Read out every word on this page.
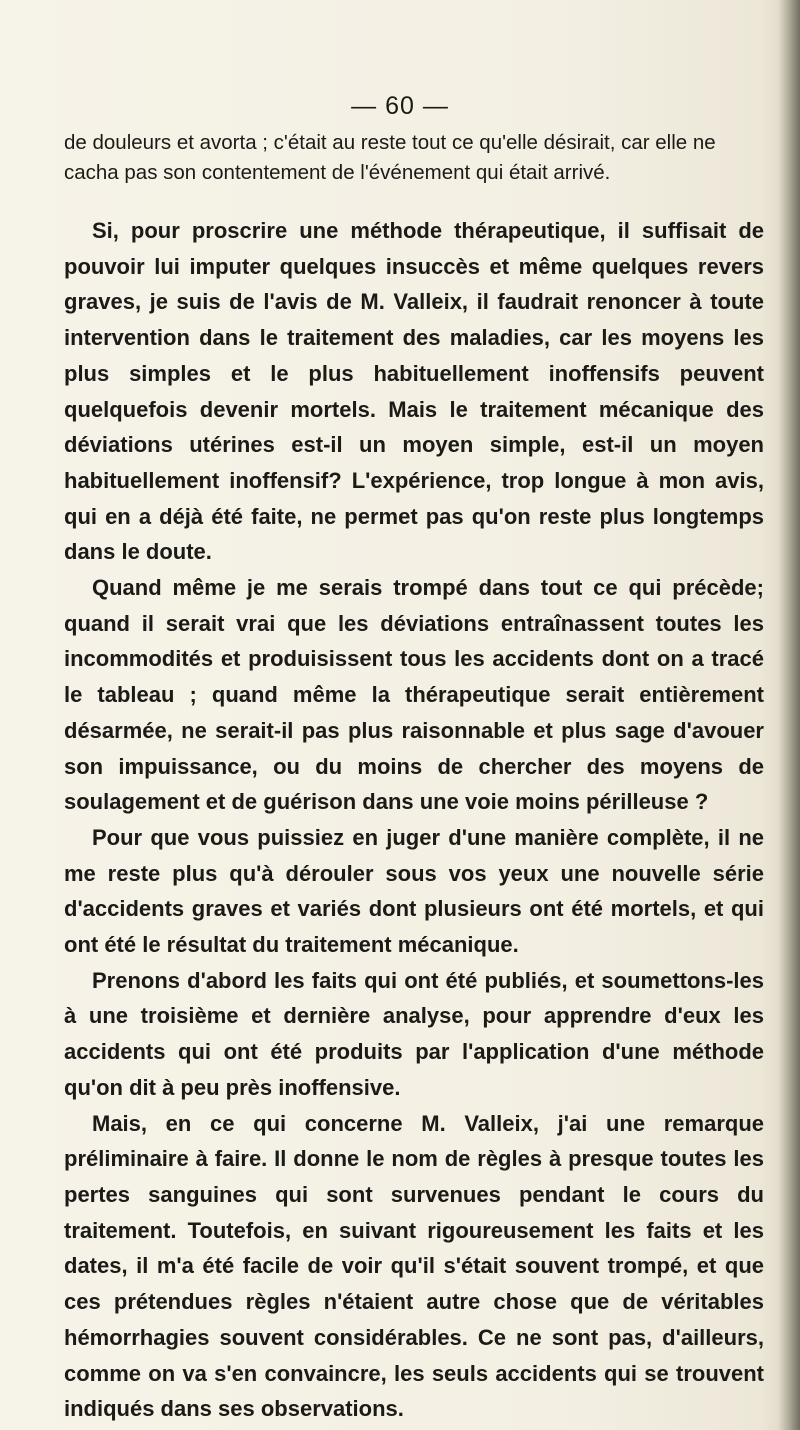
— 60 —

de douleurs et avorta ; c'était au reste tout ce qu'elle désirait, car elle ne cacha pas son contentement de l'événement qui était arrivé.

Si, pour proscrire une méthode thérapeutique, il suffisait de pouvoir lui imputer quelques insuccès et même quelques revers graves, je suis de l'avis de M. Valleix, il faudrait renoncer à toute intervention dans le traitement des maladies, car les moyens les plus simples et le plus habituellement inoffensifs peuvent quelquefois devenir mortels. Mais le traitement mécanique des déviations utérines est-il un moyen simple, est-il un moyen habituellement inoffensif? L'expérience, trop longue à mon avis, qui en a déjà été faite, ne permet pas qu'on reste plus longtemps dans le doute.

Quand même je me serais trompé dans tout ce qui précède; quand il serait vrai que les déviations entraînassent toutes les incommodités et produisissent tous les accidents dont on a tracé le tableau ; quand même la thérapeutique serait entièrement désarmée, ne serait-il pas plus raisonnable et plus sage d'avouer son impuissance, ou du moins de chercher des moyens de soulagement et de guérison dans une voie moins périlleuse ?

Pour que vous puissiez en juger d'une manière complète, il ne me reste plus qu'à dérouler sous vos yeux une nouvelle série d'accidents graves et variés dont plusieurs ont été mortels, et qui ont été le résultat du traitement mécanique.

Prenons d'abord les faits qui ont été publiés, et soumettons-les à une troisième et dernière analyse, pour apprendre d'eux les accidents qui ont été produits par l'application d'une méthode qu'on dit à peu près inoffensive.

Mais, en ce qui concerne M. Valleix, j'ai une remarque préliminaire à faire. Il donne le nom de règles à presque toutes les pertes sanguines qui sont survenues pendant le cours du traitement. Toutefois, en suivant rigoureusement les faits et les dates, il m'a été facile de voir qu'il s'était souvent trompé, et que ces prétendues règles n'étaient autre chose que de véritables hémorrhagies souvent considérables. Ce ne sont pas, d'ailleurs, comme on va s'en convaincre, les seuls accidents qui se trouvent indiqués dans ses observations.
